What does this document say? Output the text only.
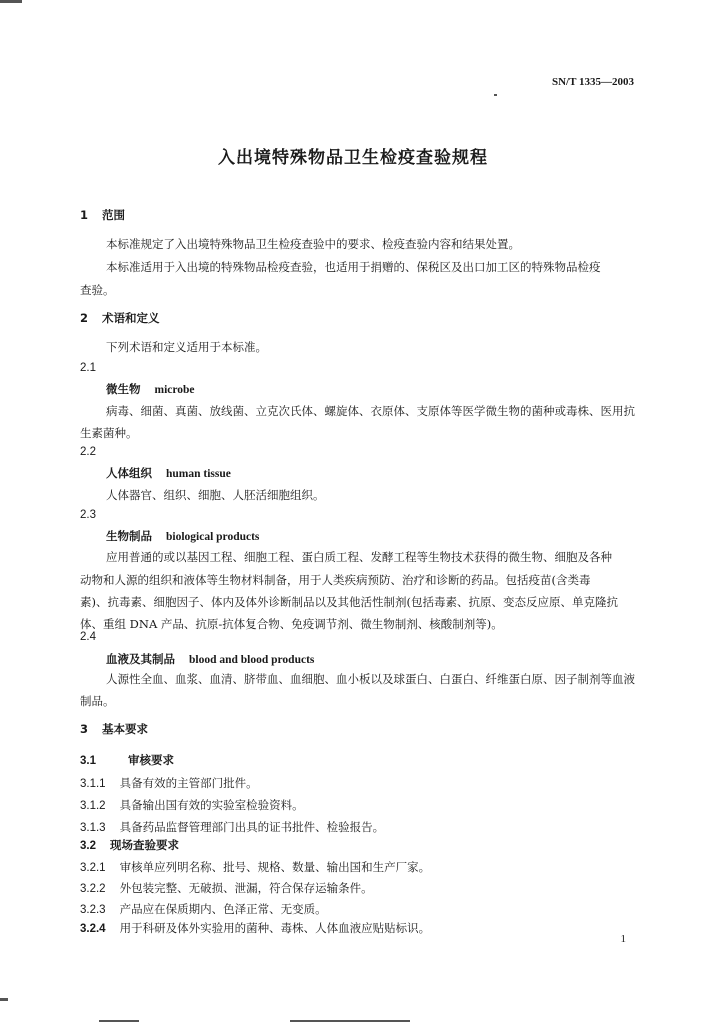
SN/T 1335—2003
入出境特殊物品卫生检疫查验规程
1 范围
本标准规定了入出境特殊物品卫生检疫查验中的要求、检疫查验内容和结果处置。
本标准适用于入出境的特殊物品检疫查验，也适用于捐赠的、保税区及出口加工区的特殊物品检疫
查验。
2 术语和定义
下列术语和定义适用于本标准。
2.1
微生物 microbe
病毒、细菌、真菌、放线菌、立克次氏体、螺旋体、衣原体、支原体等医学微生物的菌种或毒株、医用抗
生素菌种。
2.2
人体组织 human tissue
人体器官、组织、细胞、人胚活细胞组织。
2.3
生物制品 biological products
应用普通的或以基因工程、细胞工程、蛋白质工程、发酵工程等生物技术获得的微生物、细胞及各种
动物和人源的组织和液体等生物材料制备，用于人类疾病预防、治疗和诊断的药品。包括疫苗(含类毒
素)、抗毒素、细胞因子、体内及体外诊断制品以及其他活性制剂(包括毒素、抗原、变态反应原、单克隆抗
体、重组 DNA 产品、抗原-抗体复合物、免疫调节剂、微生物制剂、核酸制剂等)。
2.4
血液及其制品 blood and blood products
人源性全血、血浆、血清、脐带血、血细胞、血小板以及球蛋白、白蛋白、纤维蛋白原、因子制剂等血液
制品。
3 基本要求
3.1	审核要求
3.1.1 具备有效的主管部门批件。
3.1.2 具备输出国有效的实验室检验资料。
3.1.3 具备药品监督管理部门出具的证书批件、检验报告。
3.2 现场查验要求
3.2.1 审核单应列明名称、批号、规格、数量、输出国和生产厂家。
3.2.2 外包装完整、无破损、泄漏，符合保存运输条件。
3.2.3 产品应在保质期内、色泽正常、无变质。
3.2.4 用于科研及体外实验用的菌种、毒株、人体血液应贴贴标识。
1
